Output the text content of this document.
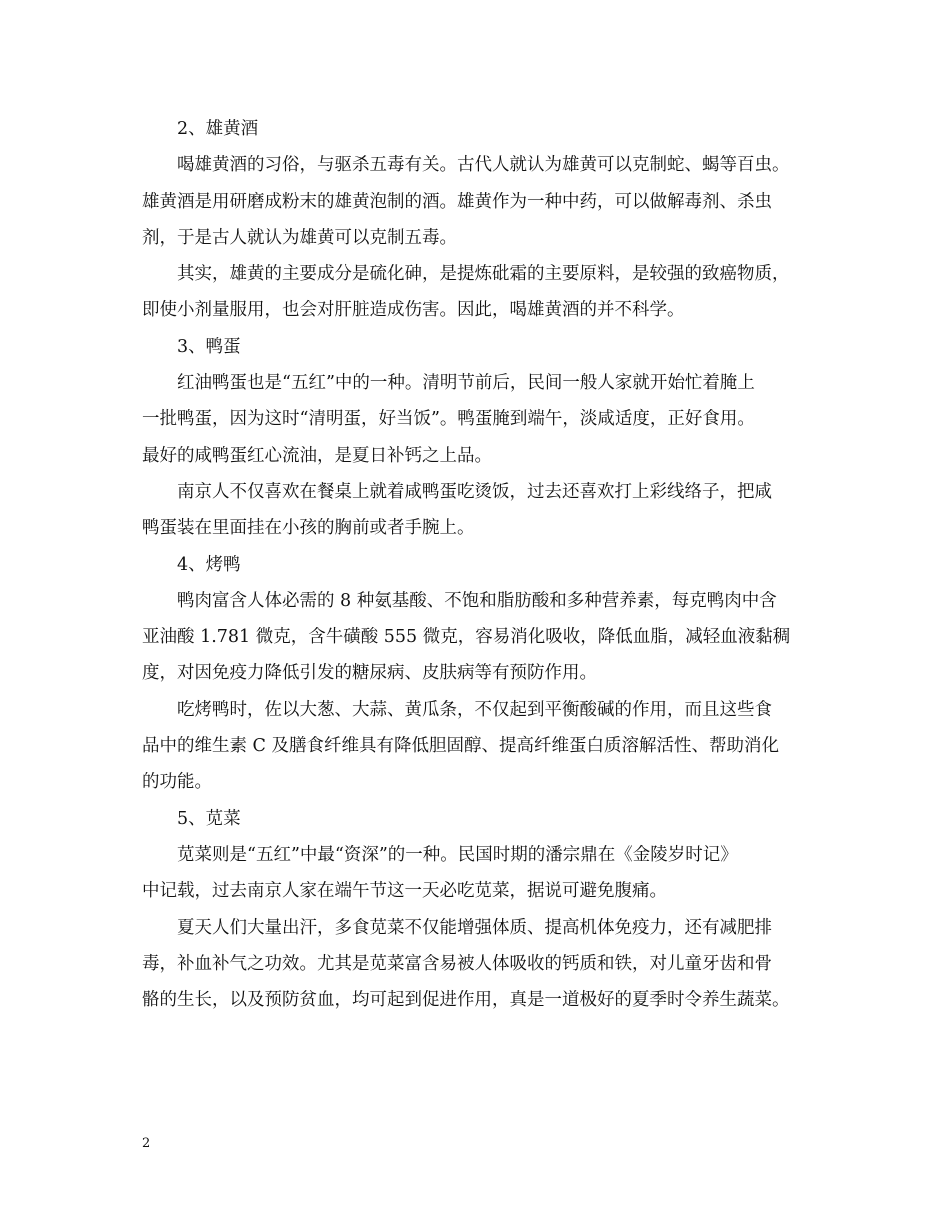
2、雄黄酒
喝雄黄酒的习俗，与驱杀五毒有关。古代人就认为雄黄可以克制蛇、蝎等百虫。
雄黄酒是用研磨成粉末的雄黄泡制的酒。雄黄作为一种中药，可以做解毒剂、杀虫
剂，于是古人就认为雄黄可以克制五毒。
其实，雄黄的主要成分是硫化砷，是提炼砒霜的主要原料，是较强的致癌物质，
即使小剂量服用，也会对肝脏造成伤害。因此，喝雄黄酒的并不科学。
3、鸭蛋
红油鸭蛋也是“五红”中的一种。清明节前后，民间一般人家就开始忙着腌上
一批鸭蛋，因为这时“清明蛋，好当饭”。鸭蛋腌到端午，淡咸适度，正好食用。
最好的咸鸭蛋红心流油，是夏日补钙之上品。
南京人不仅喜欢在餐桌上就着咸鸭蛋吃烫饭，过去还喜欢打上彩线络子，把咸
鸭蛋装在里面挂在小孩的胸前或者手腕上。
4、烤鸭
鸭肉富含人体必需的 8 种氨基酸、不饱和脂肪酸和多种营养素，每克鸭肉中含
亚油酸 1.781 微克，含牛磺酸 555 微克，容易消化吸收，降低血脂，减轻血液黏稠
度，对因免疫力降低引发的糖尿病、皮肤病等有预防作用。
吃烤鸭时，佐以大葱、大蒜、黄瓜条，不仅起到平衡酸碱的作用，而且这些食
品中的维生素 C 及膳食纤维具有降低胆固醇、提高纤维蛋白质溶解活性、帮助消化
的功能。
5、苋菜
苋菜则是“五红”中最“资深”的一种。民国时期的潘宗鼎在《金陵岁时记》
中记载，过去南京人家在端午节这一天必吃苋菜，据说可避免腹痛。
夏天人们大量出汗，多食苋菜不仅能增强体质、提高机体免疫力，还有减肥排
毒，补血补气之功效。尤其是苋菜富含易被人体吸收的钙质和铁，对儿童牙齿和骨
骼的生长，以及预防贫血，均可起到促进作用，真是一道极好的夏季时令养生蔬菜。
2
